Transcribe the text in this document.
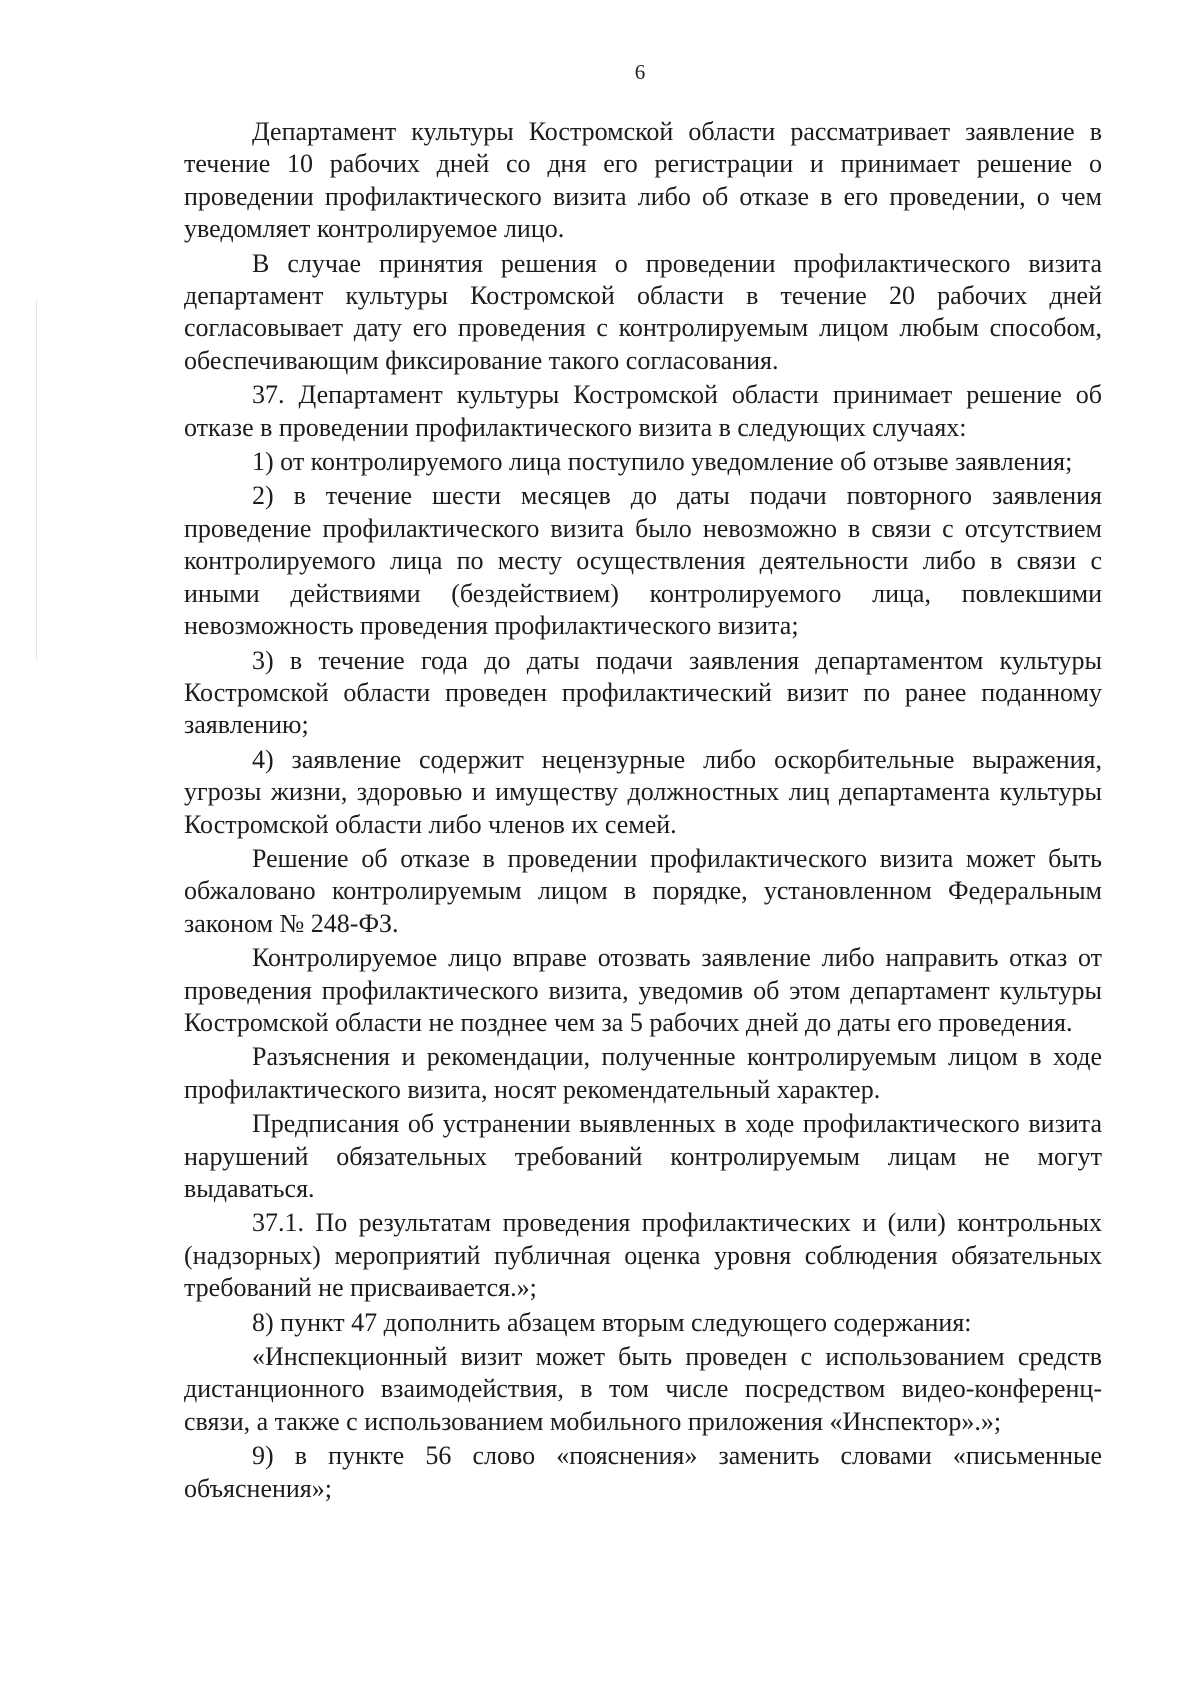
6

Департамент культуры Костромской области рассматривает заявление в течение 10 рабочих дней со дня его регистрации и принимает решение о проведении профилактического визита либо об отказе в его проведении, о чем уведомляет контролируемое лицо.

В случае принятия решения о проведении профилактического визита департамент культуры Костромской области в течение 20 рабочих дней согласовывает дату его проведения с контролируемым лицом любым способом, обеспечивающим фиксирование такого согласования.

37. Департамент культуры Костромской области принимает решение об отказе в проведении профилактического визита в следующих случаях:

1) от контролируемого лица поступило уведомление об отзыве заявления;

2) в течение шести месяцев до даты подачи повторного заявления проведение профилактического визита было невозможно в связи с отсутствием контролируемого лица по месту осуществления деятельности либо в связи с иными действиями (бездействием) контролируемого лица, повлекшими невозможность проведения профилактического визита;

3) в течение года до даты подачи заявления департаментом культуры Костромской области проведен профилактический визит по ранее поданному заявлению;

4) заявление содержит нецензурные либо оскорбительные выражения, угрозы жизни, здоровью и имуществу должностных лиц департамента культуры Костромской области либо членов их семей.

Решение об отказе в проведении профилактического визита может быть обжаловано контролируемым лицом в порядке, установленном Федеральным законом № 248-ФЗ.

Контролируемое лицо вправе отозвать заявление либо направить отказ от проведения профилактического визита, уведомив об этом департамент культуры Костромской области не позднее чем за 5 рабочих дней до даты его проведения.

Разъяснения и рекомендации, полученные контролируемым лицом в ходе профилактического визита, носят рекомендательный характер.

Предписания об устранении выявленных в ходе профилактического визита нарушений обязательных требований контролируемым лицам не могут выдаваться.

37.1. По результатам проведения профилактических и (или) контрольных (надзорных) мероприятий публичная оценка уровня соблюдения обязательных требований не присваивается.»;

8) пункт 47 дополнить абзацем вторым следующего содержания:

«Инспекционный визит может быть проведен с использованием средств дистанционного взаимодействия, в том числе посредством видео-конференц-связи, а также с использованием мобильного приложения «Инспектор».»;

9) в пункте 56 слово «пояснения» заменить словами «письменные объяснения»;
